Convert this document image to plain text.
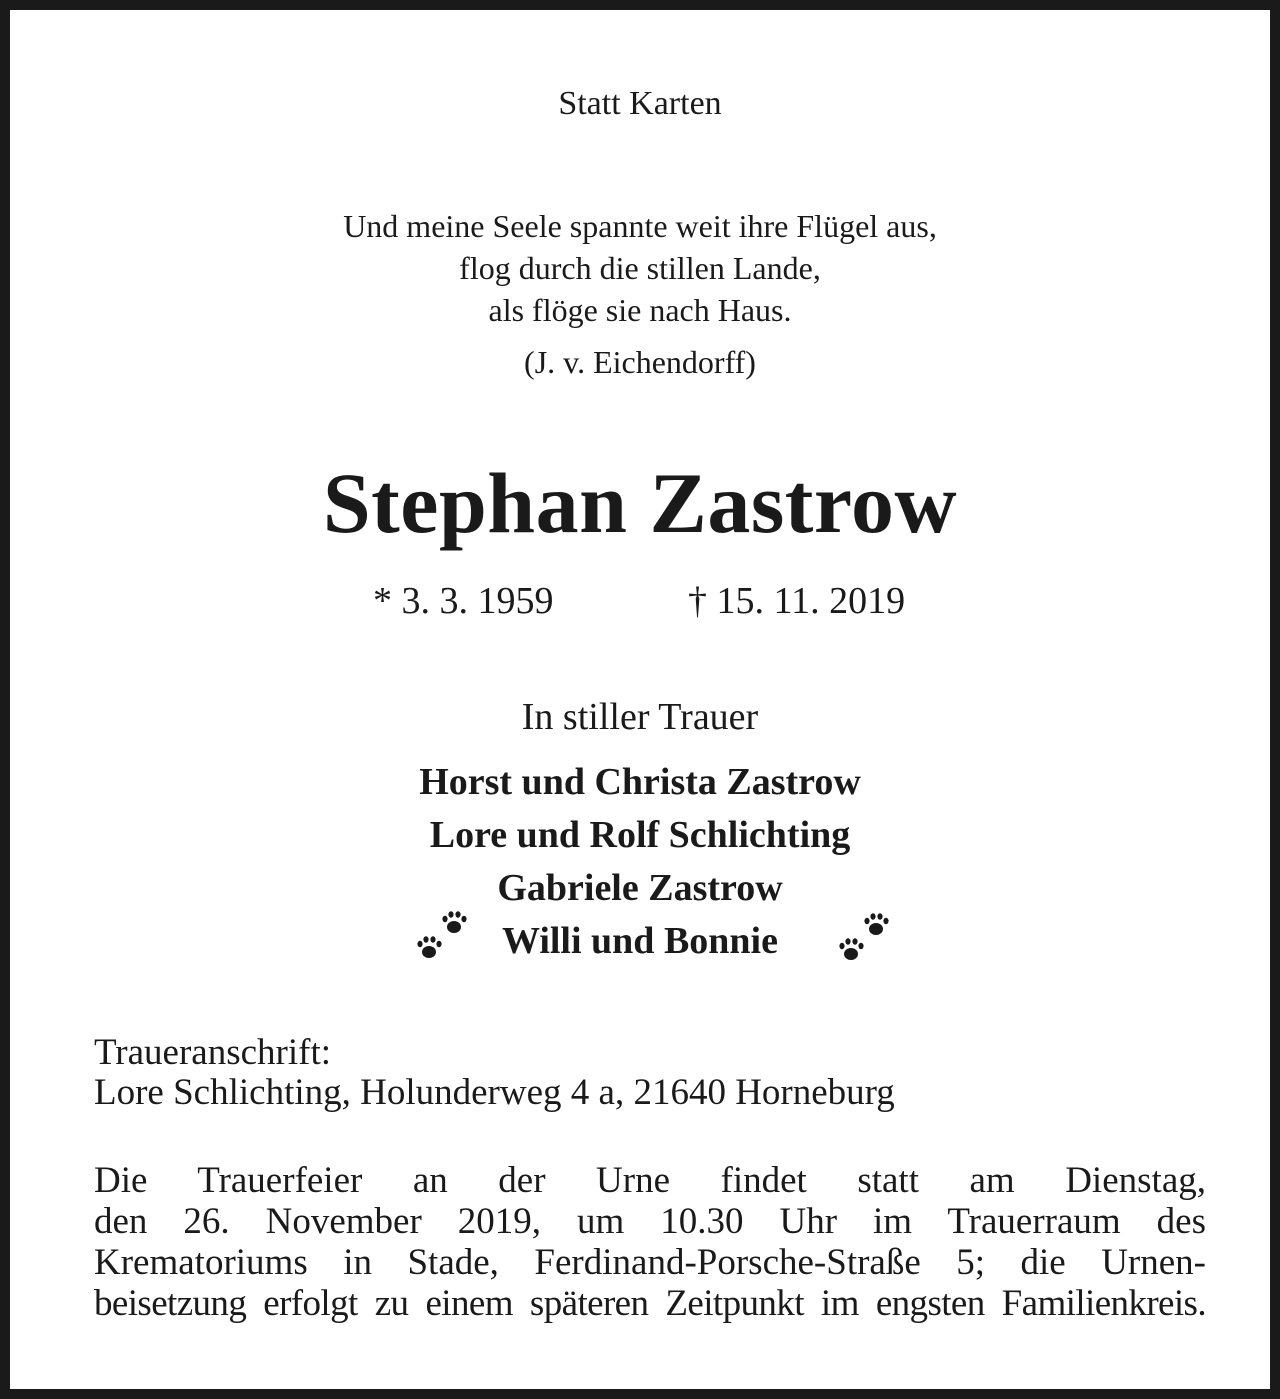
Statt Karten
Und meine Seele spannte weit ihre Flügel aus,
flog durch die stillen Lande,
als flöge sie nach Haus.
(J. v. Eichendorff)
Stephan Zastrow
* 3. 3. 1959	† 15. 11. 2019
In stiller Trauer
Horst und Christa Zastrow
Lore und Rolf Schlichting
Gabriele Zastrow
Willi und Bonnie
Traueranschrift:
Lore Schlichting, Holunderweg 4 a, 21640 Horneburg
Die Trauerfeier an der Urne findet statt am Dienstag,
den 26. November 2019, um 10.30 Uhr im Trauerraum des
Krematoriums in Stade, Ferdinand-Porsche-Straße 5; die Urnen-
beisetzung erfolgt zu einem späteren Zeitpunkt im engsten Familienkreis.
